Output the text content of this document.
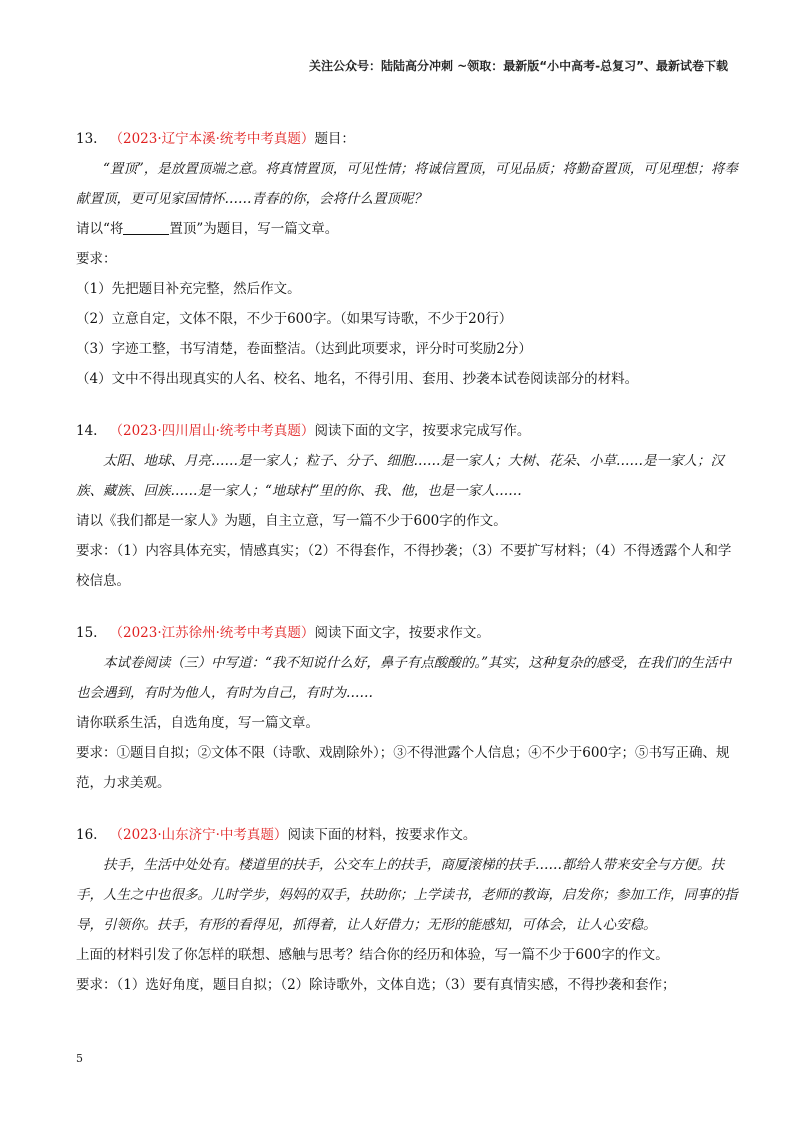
关注公众号：陆陆高分冲刺 ~领取：最新版“小中高考-总复习”、最新试卷下载

13. （2023·辽宁本溪·统考中考真题）题目：

“置顶”，是放置顶端之意。将真情置顶，可见性情；将诚信置顶，可见品质；将勤奋置顶，可见理想；将奉献置顶，更可见家国情怀……青春的你，会将什么置顶呢？

请以“将	置顶”为题目，写一篇文章。

要求：

（1）先把题目补充完整，然后作文。

（2）立意自定，文体不限，不少于600字。（如果写诗歌，不少于20行）

（3）字迹工整，书写清楚，卷面整洁。（达到此项要求，评分时可奖励2分）

（4）文中不得出现真实的人名、校名、地名，不得引用、套用、抄袭本试卷阅读部分的材料。

14. （2023·四川眉山·统考中考真题）阅读下面的文字，按要求完成写作。

太阳、地球、月亮……是一家人；粒子、分子、细胞……是一家人；大树、花朵、小草……是一家人；汉族、藏族、回族……是一家人；“地球村”里的你、我、他，也是一家人……

请以《我们都是一家人》为题，自主立意，写一篇不少于600字的作文。

要求：（1）内容具体充实，情感真实；（2）不得套作，不得抄袭；（3）不要扩写材料；（4）不得透露个人和学校信息。

15. （2023·江苏徐州·统考中考真题）阅读下面文字，按要求作文。

本试卷阅读（三）中写道：“我不知说什么好，鼻子有点酸酸的。”其实，这种复杂的感受，在我们的生活中也会遇到，有时为他人，有时为自己，有时为……

请你联系生活，自选角度，写一篇文章。

要求：①题目自拟；②文体不限（诗歌、戏剧除外）；③不得泄露个人信息；④不少于600字；⑤书写正确、规范，力求美观。

16. （2023·山东济宁·中考真题）阅读下面的材料，按要求作文。

扶手，生活中处处有。楼道里的扶手，公交车上的扶手，商厦滚梯的扶手……都给人带来安全与方便。扶手，人生之中也很多。儿时学步，妈妈的双手，扶助你；上学读书，老师的教诲，启发你；参加工作，同事的指导，引领你。扶手，有形的看得见，抓得着，让人好借力；无形的能感知，可体会，让人心安稳。

上面的材料引发了你怎样的联想、感触与思考？结合你的经历和体验，写一篇不少于600字的作文。

要求：（1）选好角度，题目自拟；（2）除诗歌外，文体自选；（3）要有真情实感，不得抄袭和套作；

5
